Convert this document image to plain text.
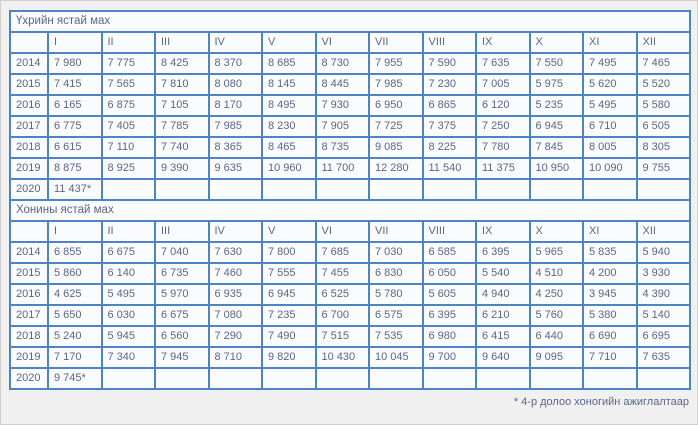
Үхрийн ястай мах												
	I	II	III	IV	V	VI	VII	VIII	IX	X	XI	XII
2014	7 980	7 775	8 425	8 370	8 685	8 730	7 955	7 590	7 635	7 550	7 495	7 465
2015	7 415	7 565	7 810	8 080	8 145	8 445	7 985	7 230	7 005	5 975	5 620	5 520
2016	6 165	6 875	7 105	8 170	8 495	7 930	6 950	6 865	6 120	5 235	5 495	5 580
2017	6 775	7 405	7 785	7 985	8 230	7 905	7 725	7 375	7 250	6 945	6 710	6 505
2018	6 615	7 110	7 740	8 365	8 465	8 735	9 085	8 225	7 780	7 845	8 005	8 305
2019	8 875	8 925	9 390	9 635	10 960	11 700	12 280	11 540	11 375	10 950	10 090	9 755
2020	11 437*											
Хонины ястай мах												
	I	II	III	IV	V	VI	VII	VIII	IX	X	XI	XII
2014	6 855	6 675	7 040	7 630	7 800	7 685	7 030	6 585	6 395	5 965	5 835	5 940
2015	5 860	6 140	6 735	7 460	7 555	7 455	6 830	6 050	5 540	4 510	4 200	3 930
2016	4 625	5 495	5 970	6 935	6 945	6 525	5 780	5 605	4 940	4 250	3 945	4 390
2017	5 650	6 030	6 675	7 080	7 235	6 700	6 575	6 395	6 210	5 760	5 380	5 140
2018	5 240	5 945	6 560	7 290	7 490	7 515	7 535	6 980	6 415	6 440	6 690	6 695
2019	7 170	7 340	7 945	8 710	9 820	10 430	10 045	9 700	9 640	9 095	7 710	7 635
2020	9 745*											
* 4-р долоо хоногийн ажиглалтаар
